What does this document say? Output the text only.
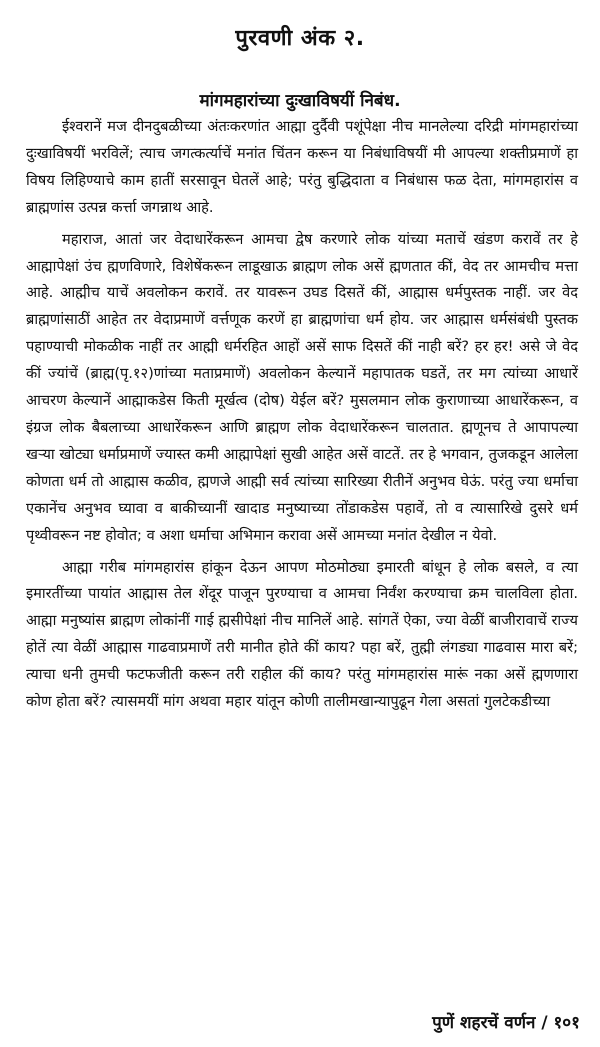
पुरवणी अंक २.
मांगमहारांच्या दुःखाविषयीं निबंध.

ईश्वरानें मज दीनदुबळीच्या अंतःकरणांत आह्मा दुर्दैवी पशूंपेक्षा नीच मानलेल्या दरिद्री मांगमहारांच्या दुःखाविषयीं भरविलें; त्याच जगत्कर्त्याचें मनांत चिंतन करून या निबंधाविषयीं मी आपल्या शक्तीप्रमाणें हा विषय लिहिण्याचे काम हातीं सरसावून घेतलें आहे; परंतु बुद्धिदाता व निबंधास फळ देता, मांगमहारांस व ब्राह्मणांस उत्पन्न कर्त्ता जगन्नाथ आहे.

महाराज, आतां जर वेदाधारेंकरून आमचा द्वेष करणारे लोक यांच्या मताचें खंडण करावें तर हे आह्मापेक्षां उंच ह्मणविणारे, विशेषेंकरून लाडूखाऊ ब्राह्मण लोक असें ह्मणतात कीं, वेद तर आमचीच मत्ता आहे. आह्मीच याचें अवलोकन करावें. तर यावरून उघड दिसतें कीं, आह्मास धर्मपुस्तक नाहीं. जर वेद ब्राह्मणांसाठीं आहेत तर वेदाप्रमाणें वर्त्तणूक करणें हा ब्राह्मणांचा धर्म होय. जर आह्मास धर्मसंबंधी पुस्तक पहाण्याची मोकळीक नाहीं तर आह्मी धर्मरहित आहों असें साफ दिसतें कीं नाही बरें? हर हर! असे जे वेद कीं ज्यांचें (ब्राह्म(पृ.१२)णांच्या मताप्रमाणें) अवलोकन केल्यानें महापातक घडतें, तर मग त्यांच्या आधारें आचरण केल्यानें आह्माकडेस किती मूर्खत्व (दोष) येईल बरें? मुसलमान लोक कुराणाच्या आधारेंकरून, व इंग्रज लोक बैबलाच्या आधारेंकरून आणि ब्राह्मण लोक वेदाधारेंकरून चालतात. ह्मणूनच ते आपापल्या खऱ्या खोट्या धर्माप्रमाणें ज्यास्त कमी आह्मापेक्षां सुखी आहेत असें वाटतें. तर हे भगवान, तुजकडून आलेला कोणता धर्म तो आह्मास कळीव, ह्मणजे आह्मी सर्व त्यांच्या सारिख्या रीतीनें अनुभव घेऊं. परंतु ज्या धर्माचा एकानेंच अनुभव घ्यावा व बाकीच्यानीं खादाड मनुष्याच्या तोंडाकडेस पहावें, तो व त्यासारिखे दुसरे धर्म पृथ्वीवरून नष्ट होवोत; व अशा धर्माचा अभिमान करावा असें आमच्या मनांत देखील न येवो.

आह्मा गरीब मांगमहारांस हांकून देऊन आपण मोठमोठ्या इमारती बांधून हे लोक बसले, व त्या इमारतींच्या पायांत आह्मास तेल शेंदूर पाजून पुरण्याचा व आमचा निर्वंश करण्याचा क्रम चालविला होता. आह्मा मनुष्यांस ब्राह्मण लोकांनीं गाई ह्मसीपेक्षां नीच मानिलें आहे. सांगतें ऐका, ज्या वेळीं बाजीरावाचें राज्य होतें त्या वेळीं आह्मास गाढवाप्रमाणें तरी मानीत होते कीं काय? पहा बरें, तुह्मी लंगड्या गाढवास मारा बरें; त्याचा धनी तुमची फटफजीती करून तरी राहील कीं काय? परंतु मांगमहारांस मारूं नका असें ह्मणणारा कोण होता बरें? त्यासमयीं मांग अथवा महार यांतून कोणी तालीमखान्यापुढून गेला असतां गुलटेकडीच्या

पुणें शहरचें वर्णन / १०१
